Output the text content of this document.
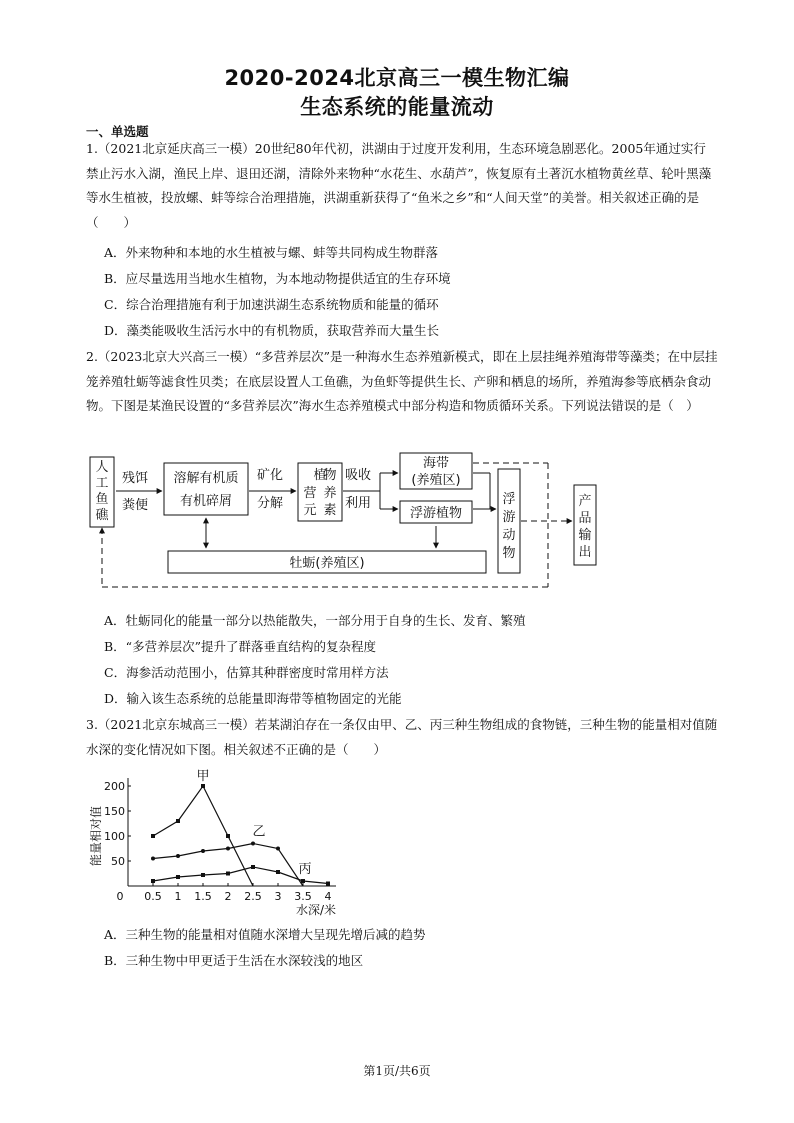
2020-2024北京高三一模生物汇编
生态系统的能量流动
一、单选题

1.（2021北京延庆高三一模）20世纪80年代初，洪湖由于过度开发利用，生态环境急剧恶化。2005年通过实行禁止污水入湖，渔民上岸、退田还湖，清除外来物种“水花生、水葫芦”，恢复原有土著沉水植物黄丝草、轮叶黑藻等水生植被，投放螺、蚌等综合治理措施，洪湖重新获得了“鱼米之乡”和“人间天堂”的美誉。相关叙述正确的是　　（　　）

A．外来物种和本地的水生植被与螺、蚌等共同构成生物群落
B．应尽量选用当地水生植物，为本地动物提供适宜的生存环境
C．综合治理措施有利于加速洪湖生态系统物质和能量的循环
D．藻类能吸收生活污水中的有机物质，获取营养而大量生长

2.（2023北京大兴高三一模）“多营养层次”是一种海水生态养殖新模式，即在上层挂绳养殖海带等藻类；在中层挂笼养殖牡蛎等滤食性贝类；在底层设置人工鱼礁，为鱼虾等提供生长、产卵和栖息的场所，养殖海参等底栖杂食动物。下图是某渔民设置的“多营养层次”海水生态养殖模式中部分构造和物质循环关系。下列说法错误的是（　）

人
工
鱼
礁
残饵
粪便
溶解有机质
有机碎屑
矿化
分解
植
营 养
元 素
物 吸收
利用
海带
(养殖区)
浮游植物
浮
游
动
物
牡蛎(养殖区)
产
品
输
出
A．牡蛎同化的能量一部分以热能散失，一部分用于自身的生长、发育、繁殖
B．“多营养层次”提升了群落垂直结构的复杂程度
C．海参活动范围小，估算其种群密度时常用样方法
D．输入该生态系统的总能量即海带等植物固定的光能

3.（2021北京东城高三一模）若某湖泊存在一条仅由甲、乙、丙三种生物组成的食物链，三种生物的能量相对值随水深的变化情况如下图。相关叙述不正确的是（　　）

50
100
150
200
0 0.5 1 1.5 2 2.5 3 3.5 4
能量相对值
水深/米
甲
乙
丙
A．三种生物的能量相对值随水深增大呈现先增后减的趋势
B．三种生物中甲更适于生活在水深较浅的地区
第1页/共6页
